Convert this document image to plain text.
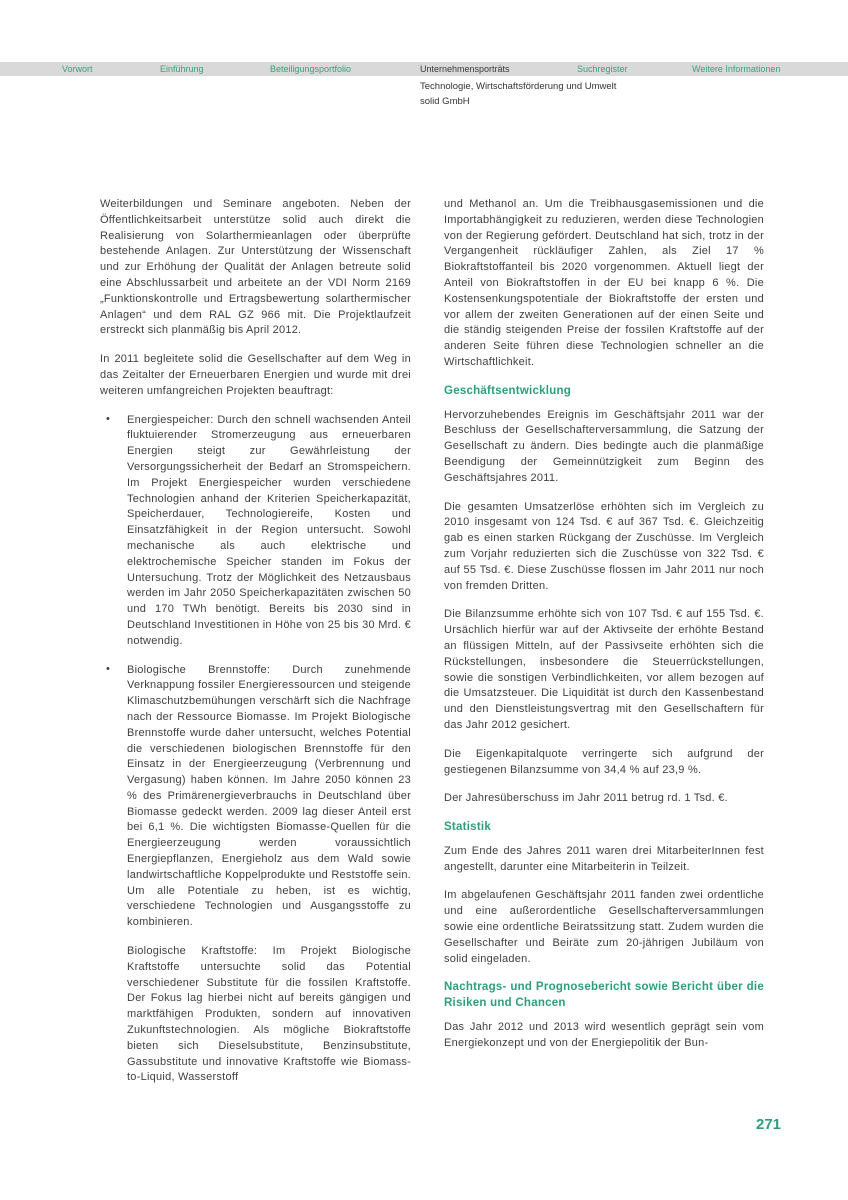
Vorwort	Einführung	Beteiligungsportfolio	Unternehmensporträts	Suchregister	Weitere Informationen
Technologie, Wirtschaftsförderung und Umwelt
solid GmbH

Weiterbildungen und Seminare angeboten. Neben der Öffentlichkeitsarbeit unterstütze solid auch direkt die Realisierung von Solarthermieanlagen oder überprüfte bestehende Anlagen. Zur Unterstützung der Wissenschaft und zur Erhöhung der Qualität der Anlagen betreute solid eine Abschlussarbeit und arbeitete an der VDI Norm 2169 „Funktionskontrolle und Ertragsbewertung solarthermischer Anlagen“ und dem RAL GZ 966 mit. Die Projektlaufzeit erstreckt sich planmäßig bis April 2012.

In 2011 begleitete solid die Gesellschafter auf dem Weg in das Zeitalter der Erneuerbaren Energien und wurde mit drei weiteren umfangreichen Projekten beauftragt:

• Energiespeicher: Durch den schnell wachsenden Anteil fluktuierender Stromerzeugung aus erneuerbaren Energien steigt zur Gewährleistung der Versorgungssicherheit der Bedarf an Stromspeichern. Im Projekt Energiespeicher wurden verschiedene Technologien anhand der Kriterien Speicherkapazität, Speicherdauer, Technologiereife, Kosten und Einsatzfähigkeit in der Region untersucht. Sowohl mechanische als auch elektrische und elektrochemische Speicher standen im Fokus der Untersuchung. Trotz der Möglichkeit des Netzausbaus werden im Jahr 2050 Speicherkapazitäten zwischen 50 und 170 TWh benötigt. Bereits bis 2030 sind in Deutschland Investitionen in Höhe von 25 bis 30 Mrd. € notwendig.
• Biologische Brennstoffe: Durch zunehmende Verknappung fossiler Energieressourcen und steigende Klimaschutzbemühungen verschärft sich die Nachfrage nach der Ressource Biomasse. Im Projekt Biologische Brennstoffe wurde daher untersucht, welches Potential die verschiedenen biologischen Brennstoffe für den Einsatz in der Energieerzeugung (Verbrennung und Vergasung) haben können. Im Jahre 2050 können 23 % des Primärenergieverbrauchs in Deutschland über Biomasse gedeckt werden. 2009 lag dieser Anteil erst bei 6,1 %. Die wichtigsten Biomasse-Quellen für die Energieerzeugung werden voraussichtlich Energiepflanzen, Energieholz aus dem Wald sowie landwirtschaftliche Koppelprodukte und Reststoffe sein. Um alle Potentiale zu heben, ist es wichtig, verschiedene Technologien und Ausgangsstoffe zu kombinieren.
Biologische Kraftstoffe: Im Projekt Biologische Kraftstoffe untersuchte solid das Potential verschiedener Substitute für die fossilen Kraftstoffe. Der Fokus lag hierbei nicht auf bereits gängigen und marktfähigen Produkten, sondern auf innovativen Zukunftstechnologien. Als mögliche Biokraftstoffe bieten sich Dieselsubstitute, Benzinsubstitute, Gassubstitute und innovative Kraftstoffe wie Biomass-to-Liquid, Wasserstoff

und Methanol an. Um die Treibhausgasemissionen und die Importabhängigkeit zu reduzieren, werden diese Technologien von der Regierung gefördert. Deutschland hat sich, trotz in der Vergangenheit rückläufiger Zahlen, als Ziel 17 % Biokraftstoffanteil bis 2020 vorgenommen. Aktuell liegt der Anteil von Biokraftstoffen in der EU bei knapp 6 %. Die Kostensenkungspotentiale der Biokraftstoffe der ersten und vor allem der zweiten Generationen auf der einen Seite und die ständig steigenden Preise der fossilen Kraftstoffe auf der anderen Seite führen diese Technologien schneller an die Wirtschaftlichkeit.

Geschäftsentwicklung

Hervorzuhebendes Ereignis im Geschäftsjahr 2011 war der Beschluss der Gesellschafterversammlung, die Satzung der Gesellschaft zu ändern. Dies bedingte auch die planmäßige Beendigung der Gemeinnützigkeit zum Beginn des Geschäftsjahres 2011.

Die gesamten Umsatzerlöse erhöhten sich im Vergleich zu 2010 insgesamt von 124 Tsd. € auf 367 Tsd. €. Gleichzeitig gab es einen starken Rückgang der Zuschüsse. Im Vergleich zum Vorjahr reduzierten sich die Zuschüsse von 322 Tsd. € auf 55 Tsd. €. Diese Zuschüsse flossen im Jahr 2011 nur noch von fremden Dritten.

Die Bilanzsumme erhöhte sich von 107 Tsd. € auf 155 Tsd. €. Ursächlich hierfür war auf der Aktivseite der erhöhte Bestand an flüssigen Mitteln, auf der Passivseite erhöhten sich die Rückstellungen, insbesondere die Steuerrückstellungen, sowie die sonstigen Verbindlichkeiten, vor allem bezogen auf die Umsatzsteuer. Die Liquidität ist durch den Kassenbestand und den Dienstleistungsvertrag mit den Gesellschaftern für das Jahr 2012 gesichert.

Die Eigenkapitalquote verringerte sich aufgrund der gestiegenen Bilanzsumme von 34,4 % auf 23,9 %.

Der Jahresüberschuss im Jahr 2011 betrug rd. 1 Tsd. €.

Statistik

Zum Ende des Jahres 2011 waren drei MitarbeiterInnen fest angestellt, darunter eine Mitarbeiterin in Teilzeit.

Im abgelaufenen Geschäftsjahr 2011 fanden zwei ordentliche und eine außerordentliche Gesellschafterversammlungen sowie eine ordentliche Beiratssitzung statt. Zudem wurden die Gesellschafter und Beiräte zum 20-jährigen Jubiläum von solid eingeladen.

Nachtrags- und Prognosebericht sowie Bericht über die Risiken und Chancen

Das Jahr 2012 und 2013 wird wesentlich geprägt sein vom Energiekonzept und von der Energiepolitik der Bun-

271
